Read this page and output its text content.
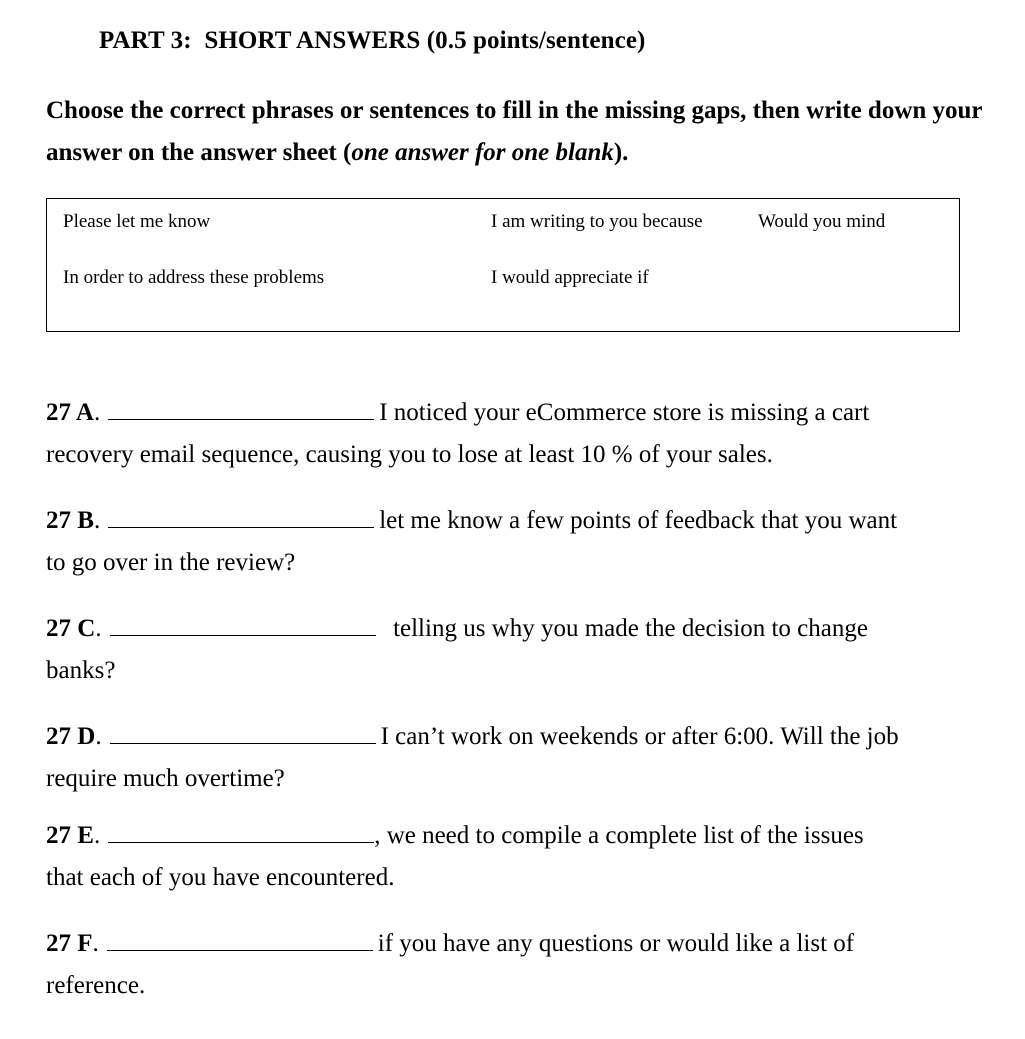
PART 3:  SHORT ANSWERS (0.5 points/sentence)
Choose the correct phrases or sentences to fill in the missing gaps, then write down your answer on the answer sheet (one answer for one blank).
Please let me know	I am writing to you because	Would you mind
In order to address these problems	I would appreciate if
27 A.	I noticed your eCommerce store is missing a cart
recovery email sequence, causing you to lose at least 10 % of your sales.
27 B.	let me know a few points of feedback that you want
to go over in the review?
27 C.	telling us why you made the decision to change
banks?
27 D.	I can’t work on weekends or after 6:00. Will the job
require much overtime?
27 E.	, we need to compile a complete list of the issues
that each of you have encountered.
27 F.	if you have any questions or would like a list of
reference.
